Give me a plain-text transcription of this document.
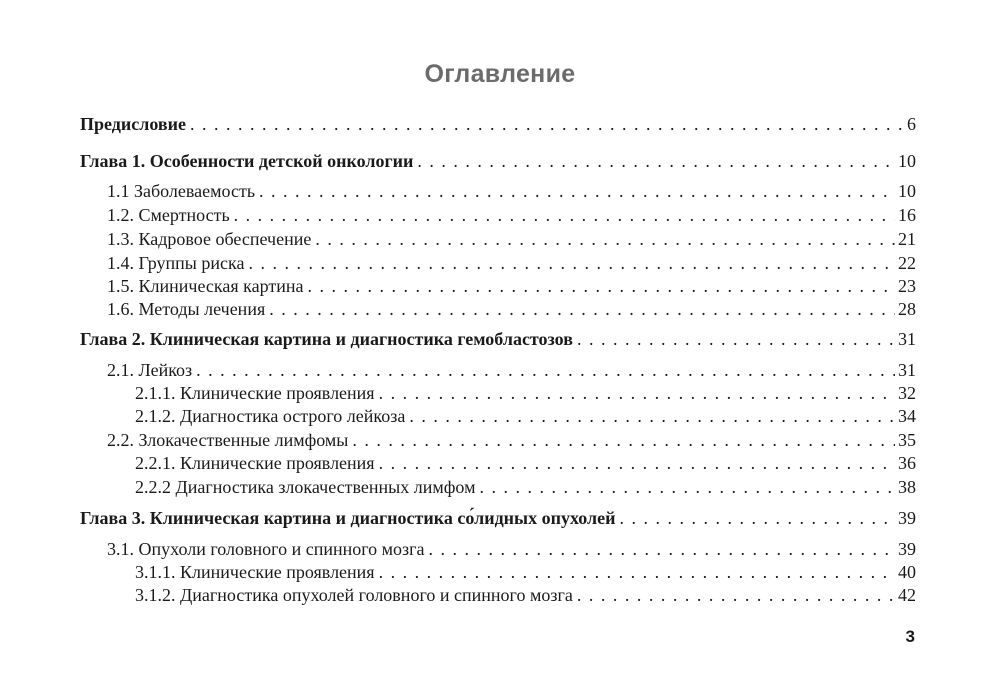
Оглавление
Предисловие . . .	6
Глава 1. Особенности детской онкологии . . .	10
1.1 Заболеваемость . . .	10
1.2. Смертность . . .	16
1.3. Кадровое обеспечение . . .	21
1.4. Группы риска . . .	22
1.5. Клиническая картина . . .	23
1.6. Методы лечения . . .	28
Глава 2. Клиническая картина и диагностика гемобластозов . . .	31
2.1. Лейкоз . . .	31
2.1.1. Клинические проявления . . .	32
2.1.2. Диагностика острого лейкоза . . .	34
2.2. Злокачественные лимфомы . . .	35
2.2.1. Клинические проявления . . .	36
2.2.2 Диагностика злокачественных лимфом . . .	38
Глава 3. Клиническая картина и диагностика со́лидных опухолей . . .	39
3.1. Опухоли головного и спинного мозга . . .	39
3.1.1. Клинические проявления . . .	40
3.1.2. Диагностика опухолей головного и спинного мозга . . .	42
3
